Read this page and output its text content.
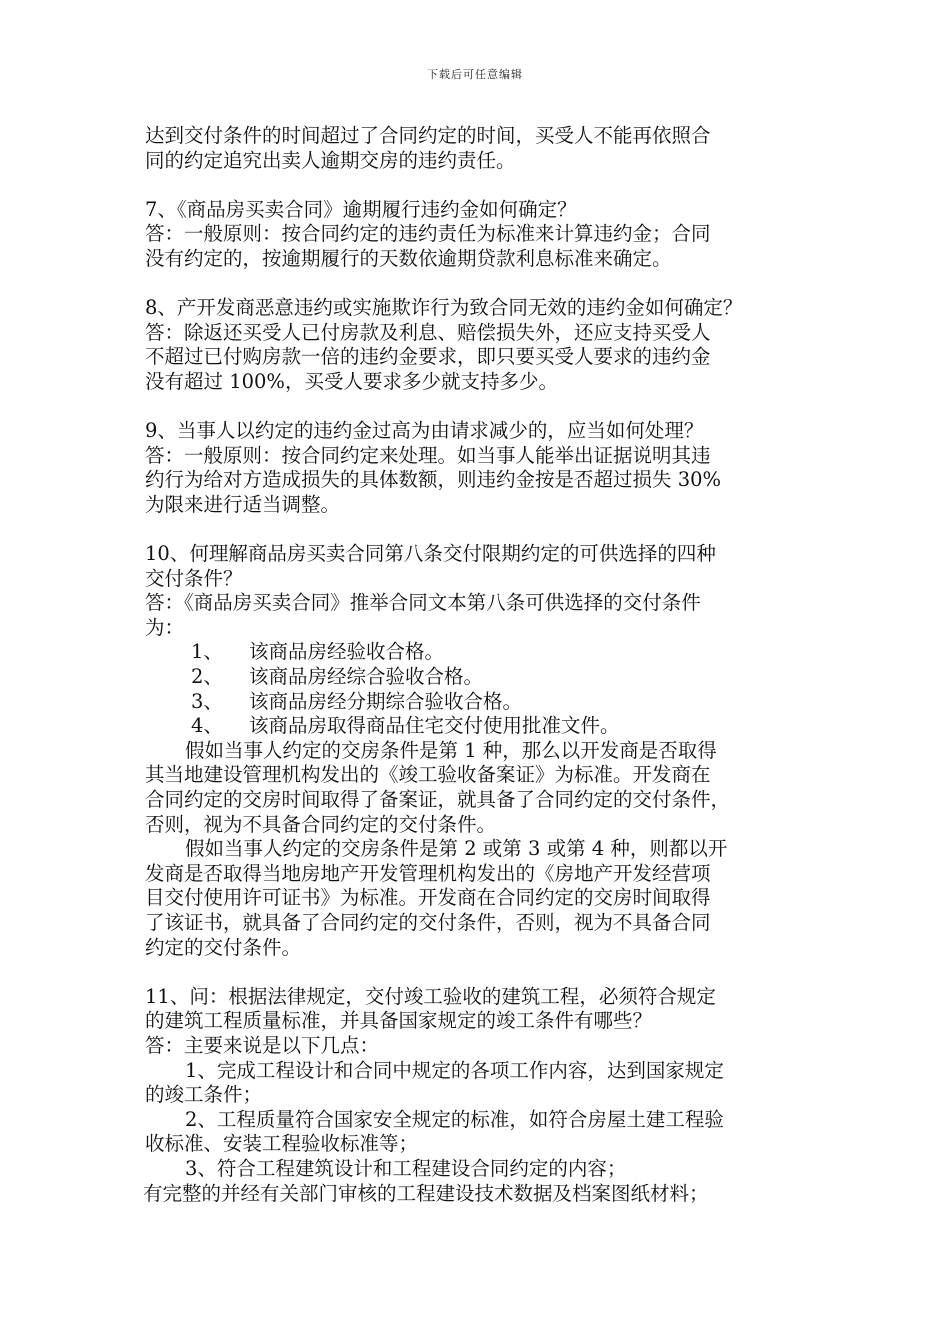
下载后可任意编辑
达到交付条件的时间超过了合同约定的时间，买受人不能再依照合
同的约定追究出卖人逾期交房的违约责任。
7、《商品房买卖合同》逾期履行违约金如何确定？
答：一般原则：按合同约定的违约责任为标准来计算违约金；合同
没有约定的，按逾期履行的天数依逾期贷款利息标准来确定。
8、产开发商恶意违约或实施欺诈行为致合同无效的违约金如何确定？
答：除返还买受人已付房款及利息、赔偿损失外，还应支持买受人
不超过已付购房款一倍的违约金要求，即只要买受人要求的违约金
没有超过 100%，买受人要求多少就支持多少。
9、当事人以约定的违约金过高为由请求减少的，应当如何处理？
答：一般原则：按合同约定来处理。如当事人能举出证据说明其违
约行为给对方造成损失的具体数额，则违约金按是否超过损失 30%
为限来进行适当调整。
10、何理解商品房买卖合同第八条交付限期约定的可供选择的四种
交付条件？
答：《商品房买卖合同》推举合同文本第八条可供选择的交付条件
为：
1、 该商品房经验收合格。
2、 该商品房经综合验收合格。
3、 该商品房经分期综合验收合格。
4、 该商品房取得商品住宅交付使用批准文件。
假如当事人约定的交房条件是第 1 种，那么以开发商是否取得
其当地建设管理机构发出的《竣工验收备案证》为标准。开发商在
合同约定的交房时间取得了备案证，就具备了合同约定的交付条件，
否则，视为不具备合同约定的交付条件。
假如当事人约定的交房条件是第 2 或第 3 或第 4 种，则都以开
发商是否取得当地房地产开发管理机构发出的《房地产开发经营项
目交付使用许可证书》为标准。开发商在合同约定的交房时间取得
了该证书，就具备了合同约定的交付条件，否则，视为不具备合同
约定的交付条件。
11、问：根据法律规定，交付竣工验收的建筑工程，必须符合规定
的建筑工程质量标准，并具备国家规定的竣工条件有哪些？
答：主要来说是以下几点：
1、完成工程设计和合同中规定的各项工作内容，达到国家规定
的竣工条件；
2、工程质量符合国家安全规定的标准，如符合房屋土建工程验
收标准、安装工程验收标准等；
3、符合工程建筑设计和工程建设合同约定的内容；
有完整的并经有关部门审核的工程建设技术数据及档案图纸材料；
